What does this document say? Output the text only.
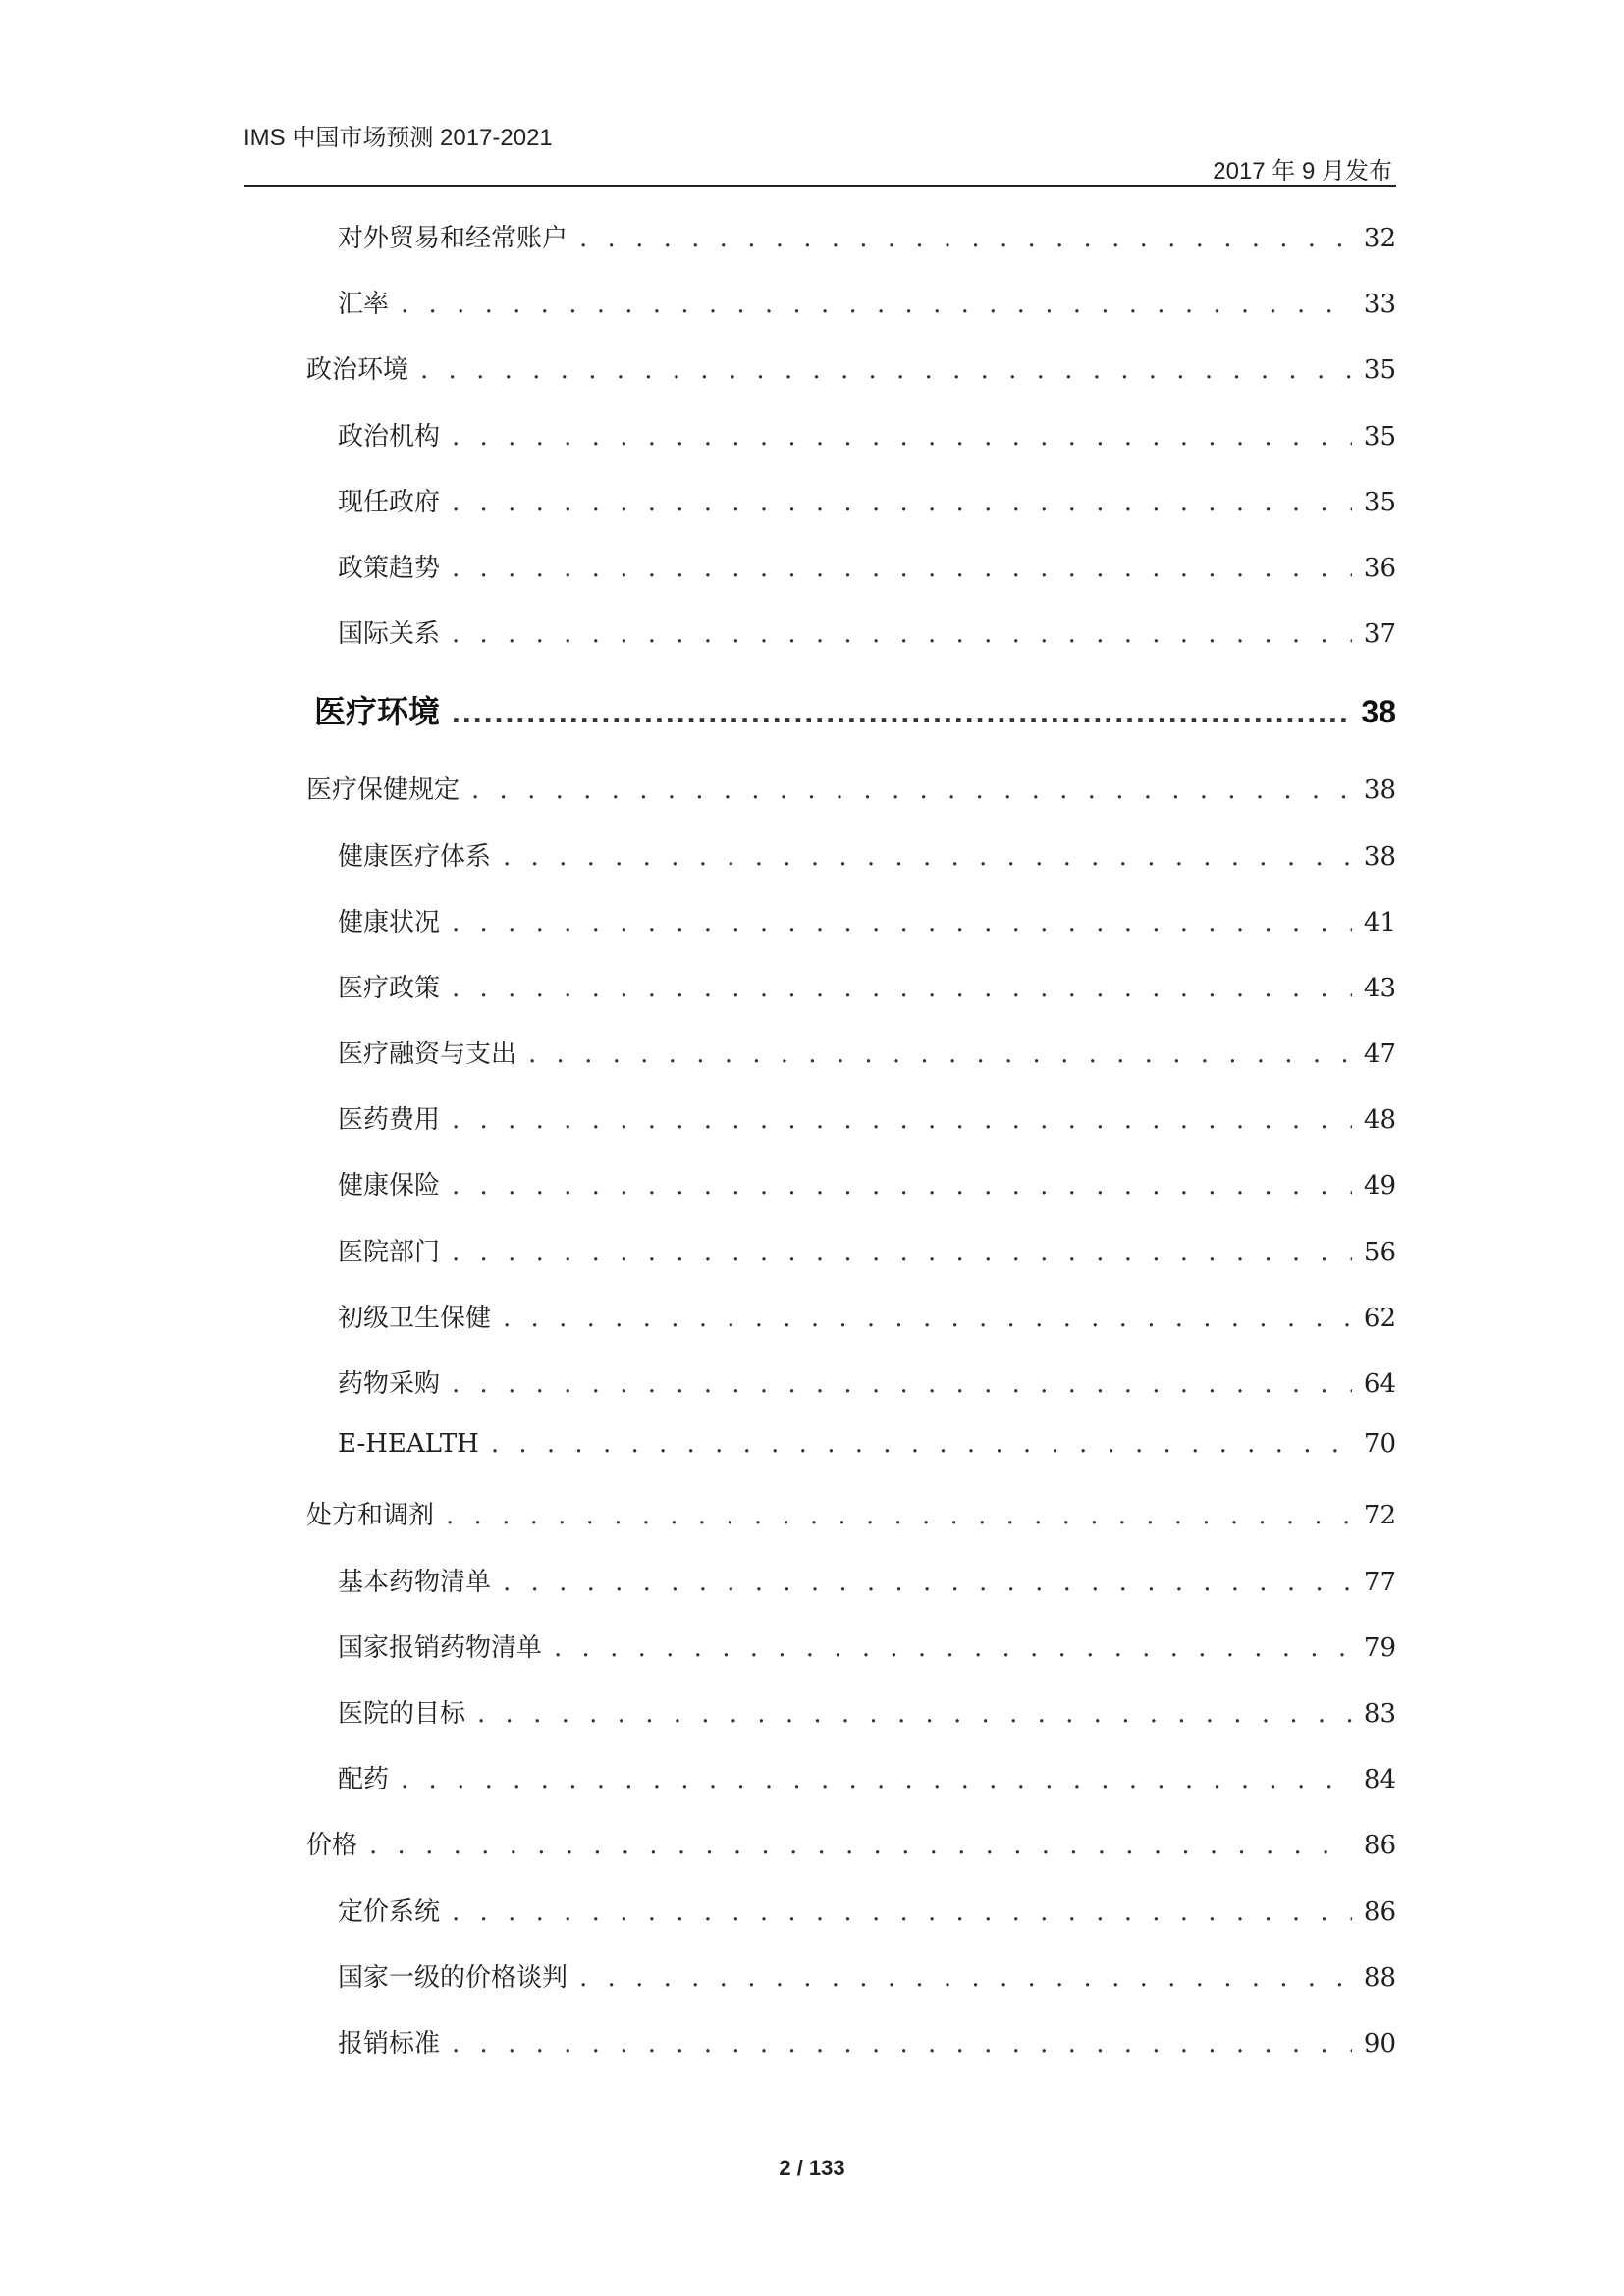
IMS 中国市场预测 2017-2021
2017 年 9 月发布
对外贸易和经常账户 . . .	32
汇率 . . .	33
政治环境 . . .	35
政治机构 . . .	35
现任政府 . . .	35
政策趋势 . . .	36
国际关系 . . .	37
医疗环境 .....	38
医疗保健规定 . . .	38
健康医疗体系 . . .	38
健康状况 . . .	41
医疗政策 . . .	43
医疗融资与支出 . . .	47
医药费用 . . .	48
健康保险 . . .	49
医院部门 . . .	56
初级卫生保健 . . .	62
药物采购 . . .	64
E-HEALTH . . .	70
处方和调剂 . . .	72
基本药物清单 . . .	77
国家报销药物清单 . . .	79
医院的目标 . . .	83
配药 . . .	84
价格 . . .	86
定价系统 . . .	86
国家一级的价格谈判 . . .	88
报销标准 . . .	90
2 / 133
